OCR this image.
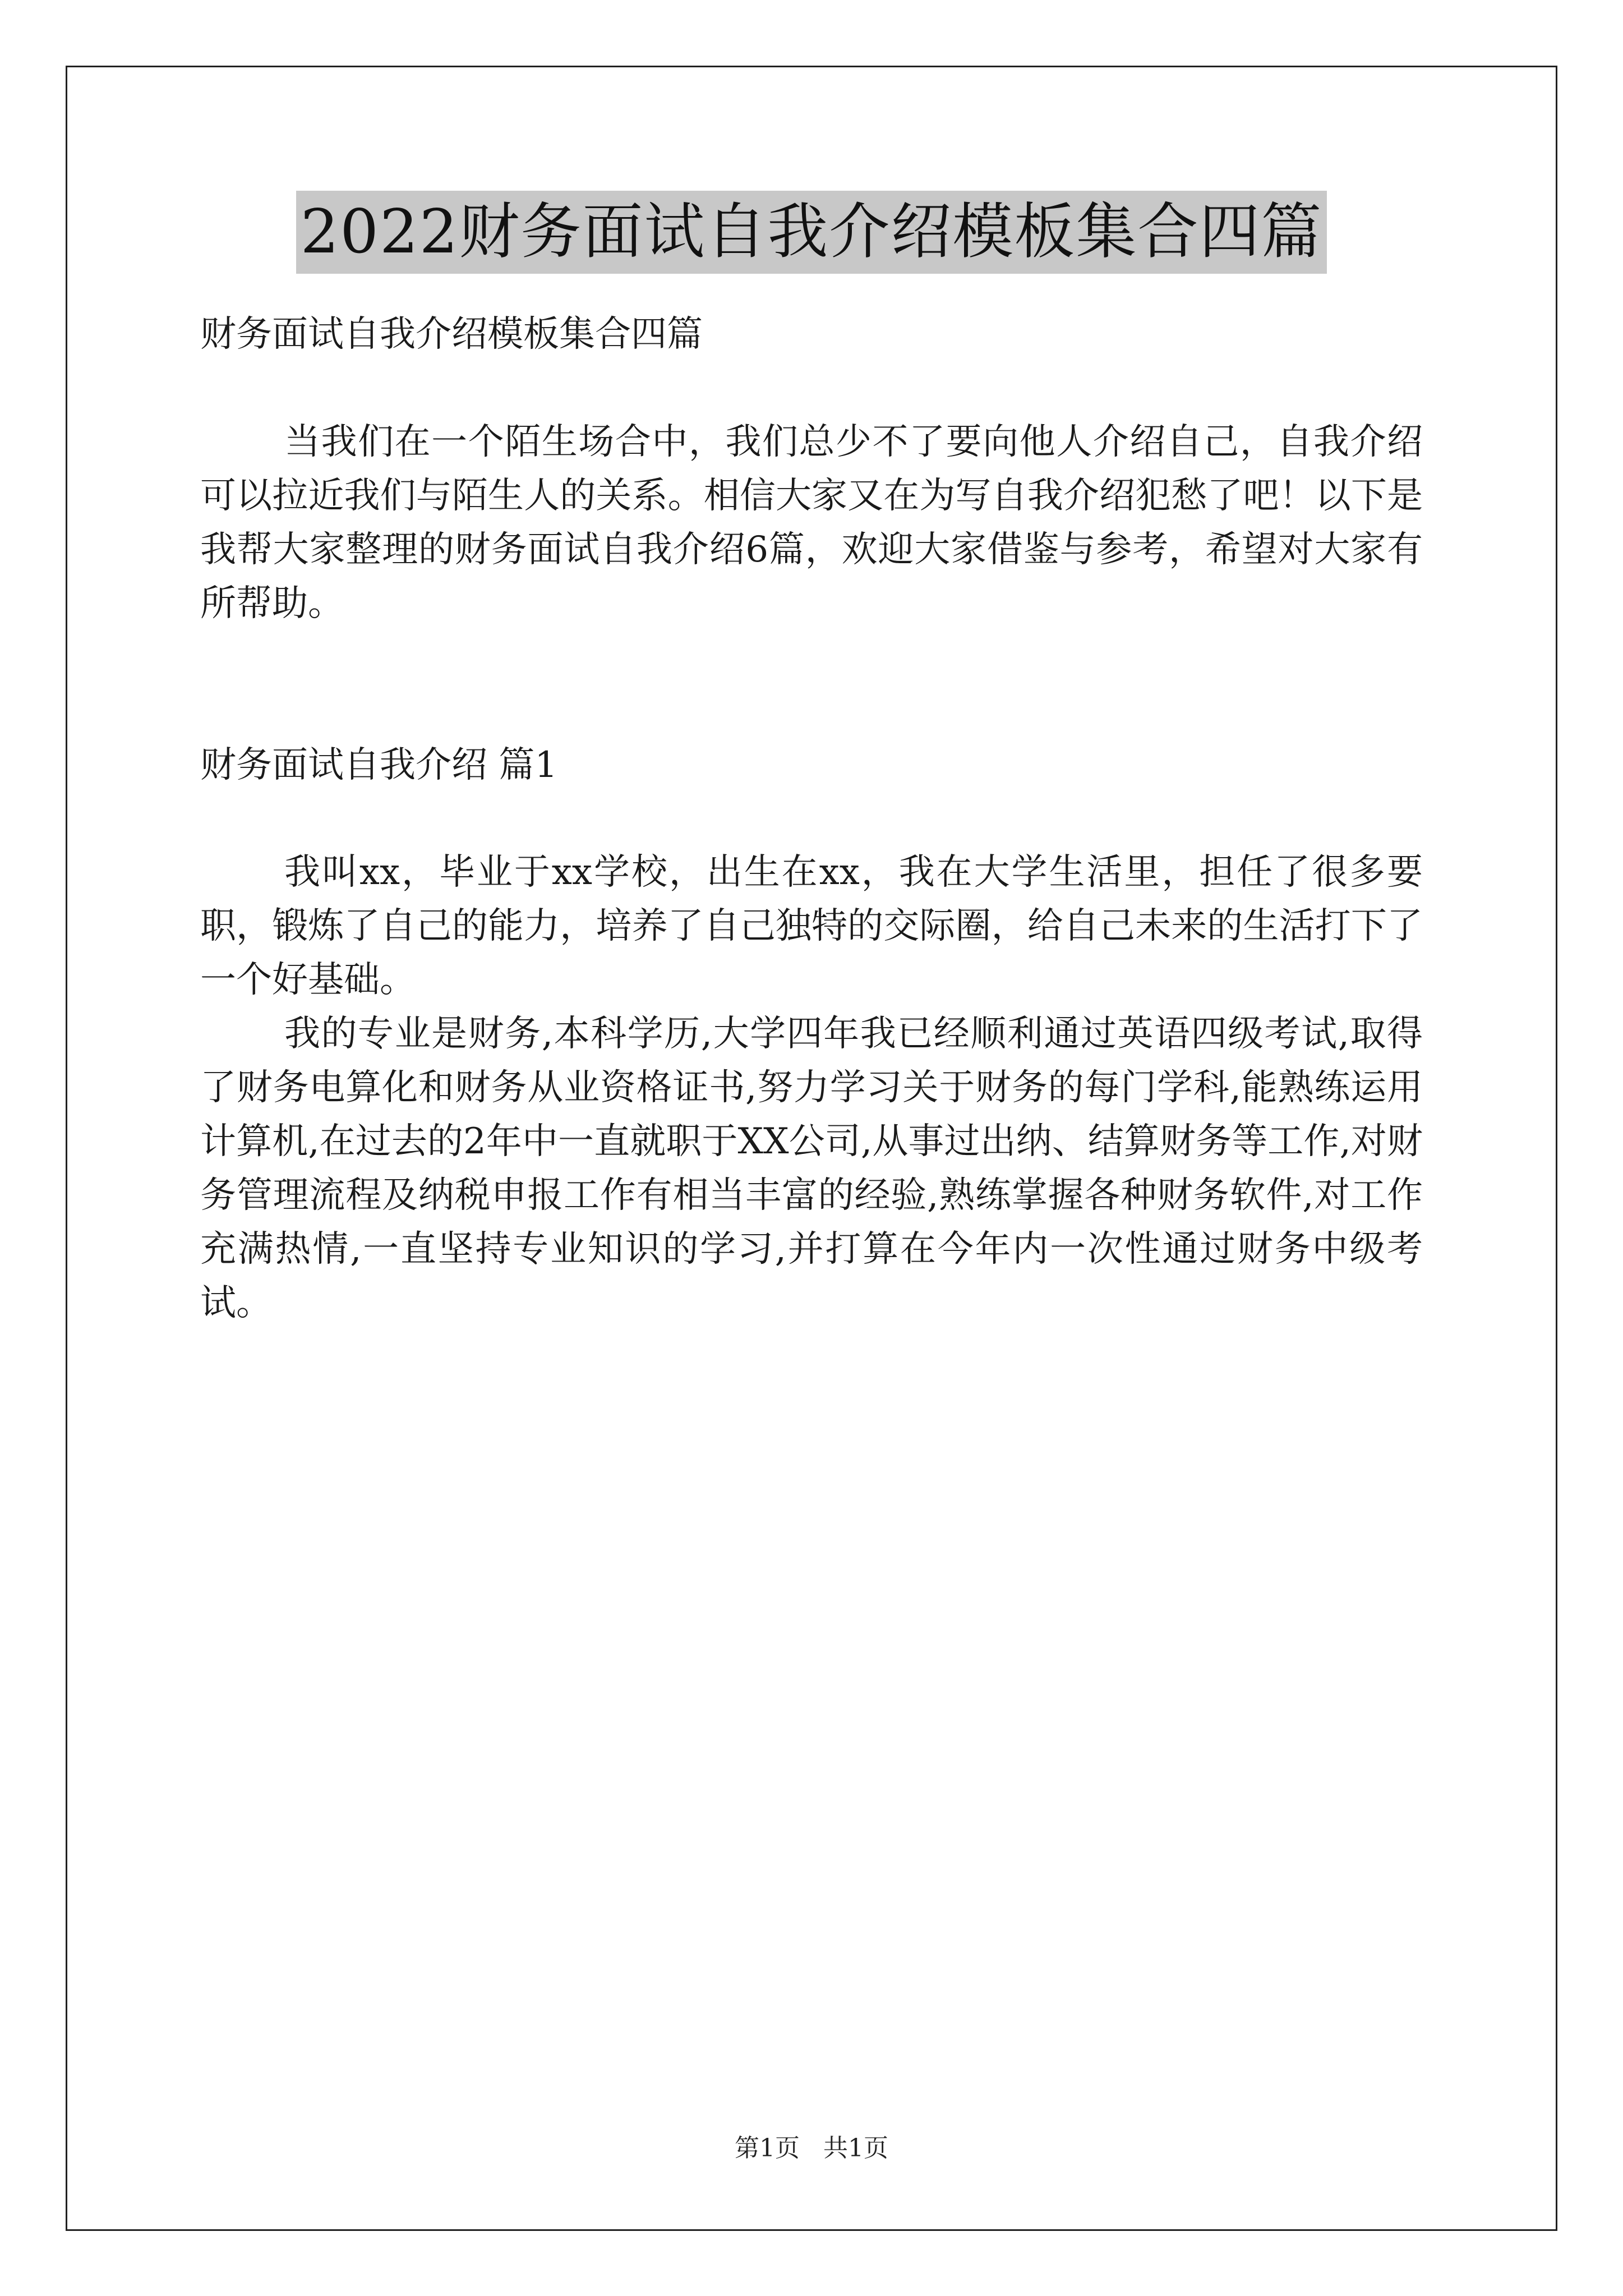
2022财务面试自我介绍模板集合四篇

财务面试自我介绍模板集合四篇

当我们在一个陌生场合中，我们总少不了要向他人介绍自己，自我介绍可以拉近我们与陌生人的关系。相信大家又在为写自我介绍犯愁了吧！以下是我帮大家整理的财务面试自我介绍6篇，欢迎大家借鉴与参考，希望对大家有所帮助。

财务面试自我介绍 篇1

我叫xx，毕业于xx学校，出生在xx，我在大学生活里，担任了很多要职，锻炼了自己的能力，培养了自己独特的交际圈，给自己未来的生活打下了一个好基础。

我的专业是财务,本科学历,大学四年我已经顺利通过英语四级考试,取得了财务电算化和财务从业资格证书,努力学习关于财务的每门学科,能熟练运用计算机,在过去的2年中一直就职于XX公司,从事过出纳、结算财务等工作,对财务管理流程及纳税申报工作有相当丰富的经验,熟练掌握各种财务软件,对工作充满热情,一直坚持专业知识的学习,并打算在今年内一次性通过财务中级考试。

第1页 共1页
